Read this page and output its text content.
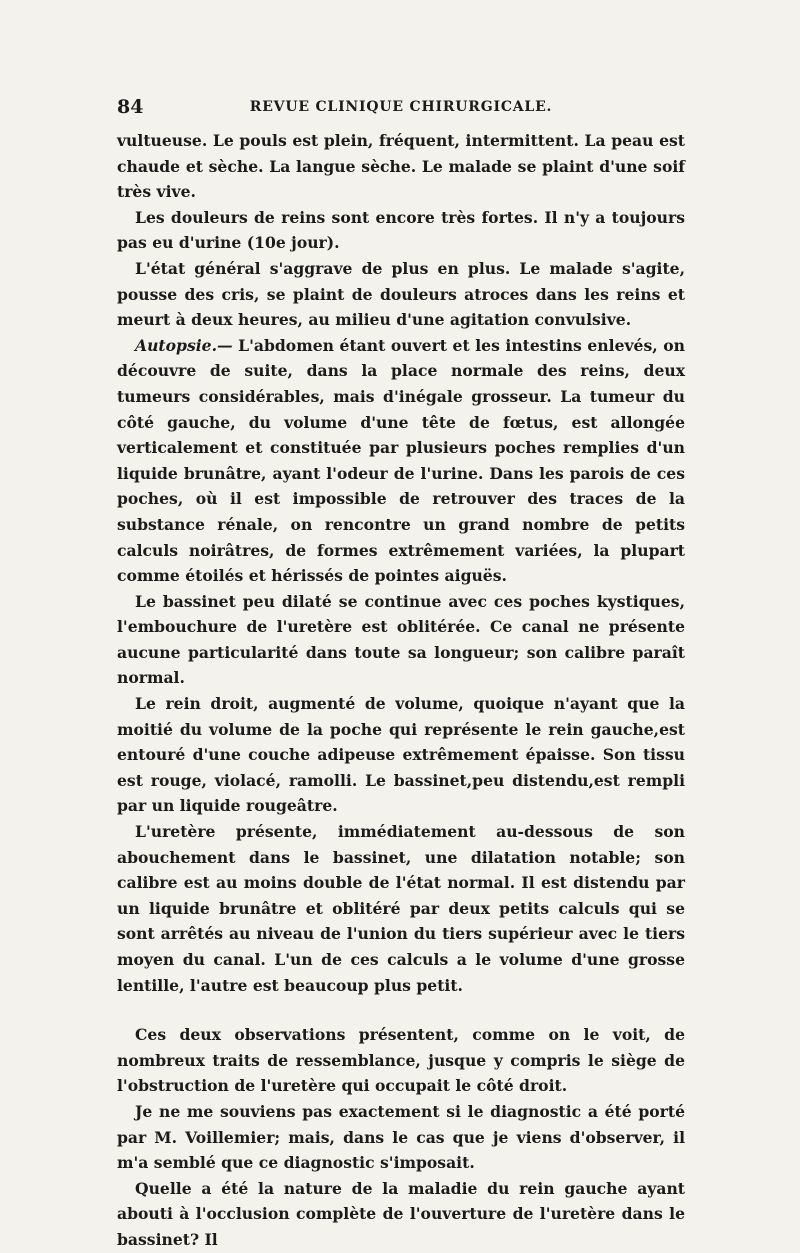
84	REVUE CLINIQUE CHIRURGICALE.

vultueuse. Le pouls est plein, fréquent, intermittent. La peau est chaude et sèche. La langue sèche. Le malade se plaint d'une soif très vive.

Les douleurs de reins sont encore très fortes. Il n'y a toujours pas eu d'urine (10e jour).

L'état général s'aggrave de plus en plus. Le malade s'agite, pousse des cris, se plaint de douleurs atroces dans les reins et meurt à deux heures, au milieu d'une agitation convulsive.

Autopsie.— L'abdomen étant ouvert et les intestins enlevés, on découvre de suite, dans la place normale des reins, deux tumeurs considérables, mais d'inégale grosseur. La tumeur du côté gauche, du volume d'une tête de fœtus, est allongée verticalement et constituée par plusieurs poches remplies d'un liquide brunâtre, ayant l'odeur de l'urine. Dans les parois de ces poches, où il est impossible de retrouver des traces de la substance rénale, on rencontre un grand nombre de petits calculs noirâtres, de formes extrêmement variées, la plupart comme étoilés et hérissés de pointes aiguës.

Le bassinet peu dilaté se continue avec ces poches kystiques, l'embouchure de l'uretère est oblitérée. Ce canal ne présente aucune particularité dans toute sa longueur; son calibre paraît normal.

Le rein droit, augmenté de volume, quoique n'ayant que la moitié du volume de la poche qui représente le rein gauche,est entouré d'une couche adipeuse extrêmement épaisse. Son tissu est rouge, violacé, ramolli. Le bassinet,peu distendu,est rempli par un liquide rougeâtre.

L'uretère présente, immédiatement au-dessous de son abouchement dans le bassinet, une dilatation notable; son calibre est au moins double de l'état normal. Il est distendu par un liquide brunâtre et oblitéré par deux petits calculs qui se sont arrêtés au niveau de l'union du tiers supérieur avec le tiers moyen du canal. L'un de ces calculs a le volume d'une grosse lentille, l'autre est beaucoup plus petit.

Ces deux observations présentent, comme on le voit, de nombreux traits de ressemblance, jusque y compris le siège de l'obstruction de l'uretère qui occupait le côté droit.

Je ne me souviens pas exactement si le diagnostic a été porté par M. Voillemier; mais, dans le cas que je viens d'observer, il m'a semblé que ce diagnostic s'imposait.

Quelle a été la nature de la maladie du rein gauche ayant abouti à l'occlusion complète de l'ouverture de l'uretère dans le bassinet? Il
